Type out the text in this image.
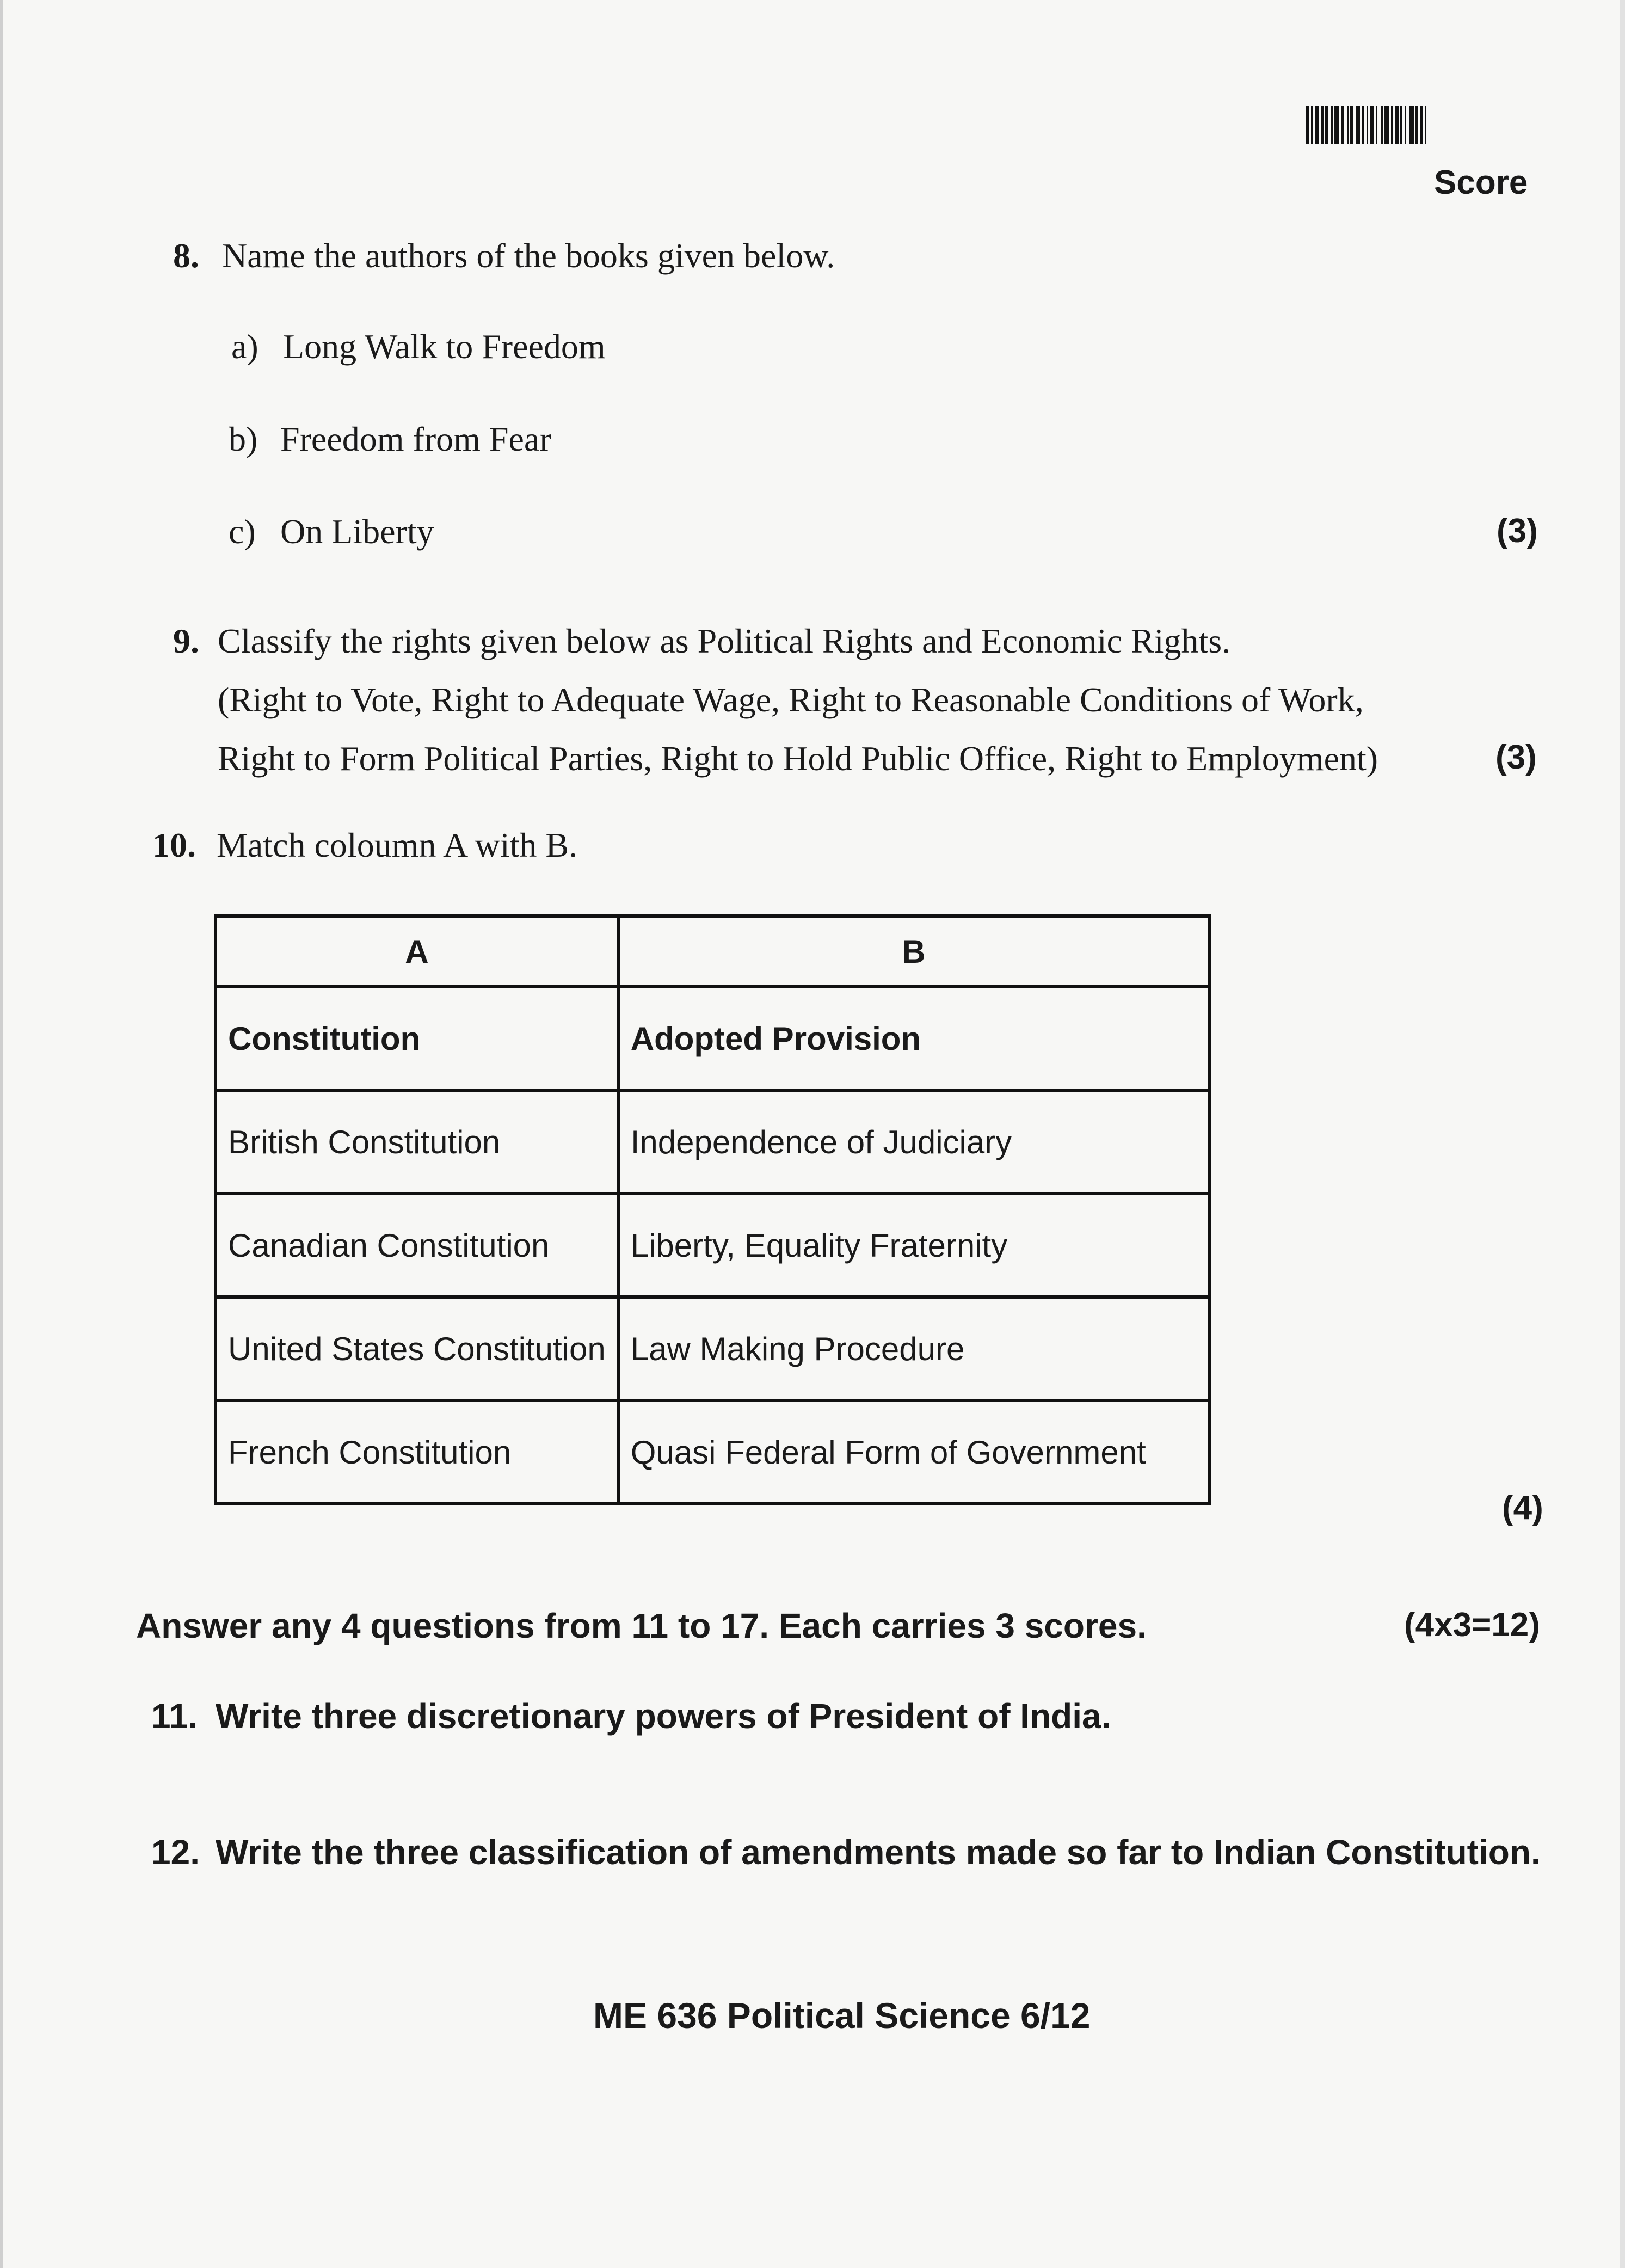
Score
8. Name the authors of the books given below.
a) Long Walk to Freedom
b) Freedom from Fear
c) On Liberty	(3)
9. Classify the rights given below as Political Rights and Economic Rights.
(Right to Vote, Right to Adequate Wage, Right to Reasonable Conditions of Work,
Right to Form Political Parties, Right to Hold Public Office, Right to Employment)	(3)
10. Match coloumn A with B.
A	B
Constitution	Adopted Provision
British Constitution	Independence of Judiciary
Canadian Constitution	Liberty, Equality Fraternity
United States Constitution	Law Making Procedure
French Constitution	Quasi Federal Form of Government
(4)
Answer any 4 questions from 11 to 17. Each carries 3 scores.	(4x3=12)
11. Write three discretionary powers of President of India.
12. Write the three classification of amendments made so far to Indian Constitution.
ME 636 Political Science 6/12
